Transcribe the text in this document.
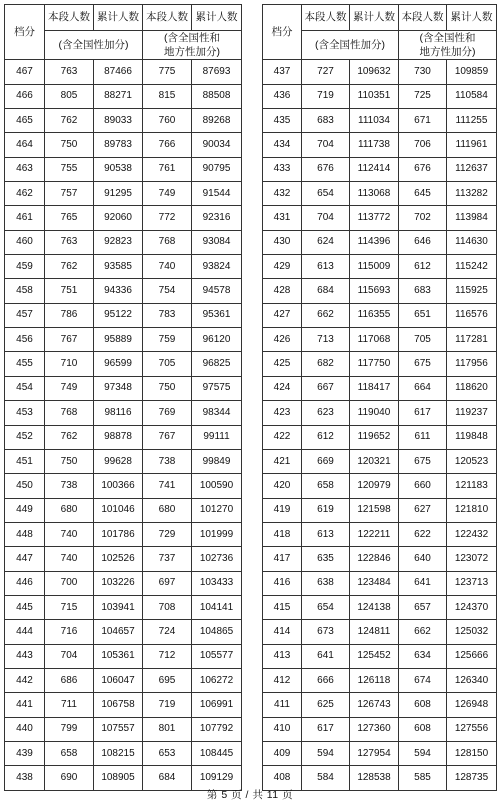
档分	本段人数	累计人数	本段人数	累计人数
	(含全国性加分)		(含全国性和
地方性加分)	
467	763	87466	775	87693
466	805	88271	815	88508
465	762	89033	760	89268
464	750	89783	766	90034
463	755	90538	761	90795
462	757	91295	749	91544
461	765	92060	772	92316
460	763	92823	768	93084
459	762	93585	740	93824
458	751	94336	754	94578
457	786	95122	783	95361
456	767	95889	759	96120
455	710	96599	705	96825
454	749	97348	750	97575
453	768	98116	769	98344
452	762	98878	767	99111
451	750	99628	738	99849
450	738	100366	741	100590
449	680	101046	680	101270
448	740	101786	729	101999
447	740	102526	737	102736
446	700	103226	697	103433
445	715	103941	708	104141
444	716	104657	724	104865
443	704	105361	712	105577
442	686	106047	695	106272
441	711	106758	719	106991
440	799	107557	801	107792
439	658	108215	653	108445
438	690	108905	684	109129
档分	本段人数	累计人数	本段人数	累计人数
	(含全国性加分)		(含全国性和
地方性加分)	
437	727	109632	730	109859
436	719	110351	725	110584
435	683	111034	671	111255
434	704	111738	706	111961
433	676	112414	676	112637
432	654	113068	645	113282
431	704	113772	702	113984
430	624	114396	646	114630
429	613	115009	612	115242
428	684	115693	683	115925
427	662	116355	651	116576
426	713	117068	705	117281
425	682	117750	675	117956
424	667	118417	664	118620
423	623	119040	617	119237
422	612	119652	611	119848
421	669	120321	675	120523
420	658	120979	660	121183
419	619	121598	627	121810
418	613	122211	622	122432
417	635	122846	640	123072
416	638	123484	641	123713
415	654	124138	657	124370
414	673	124811	662	125032
413	641	125452	634	125666
412	666	126118	674	126340
411	625	126743	608	126948
410	617	127360	608	127556
409	594	127954	594	128150
408	584	128538	585	128735
第 5 页 / 共 11 页
